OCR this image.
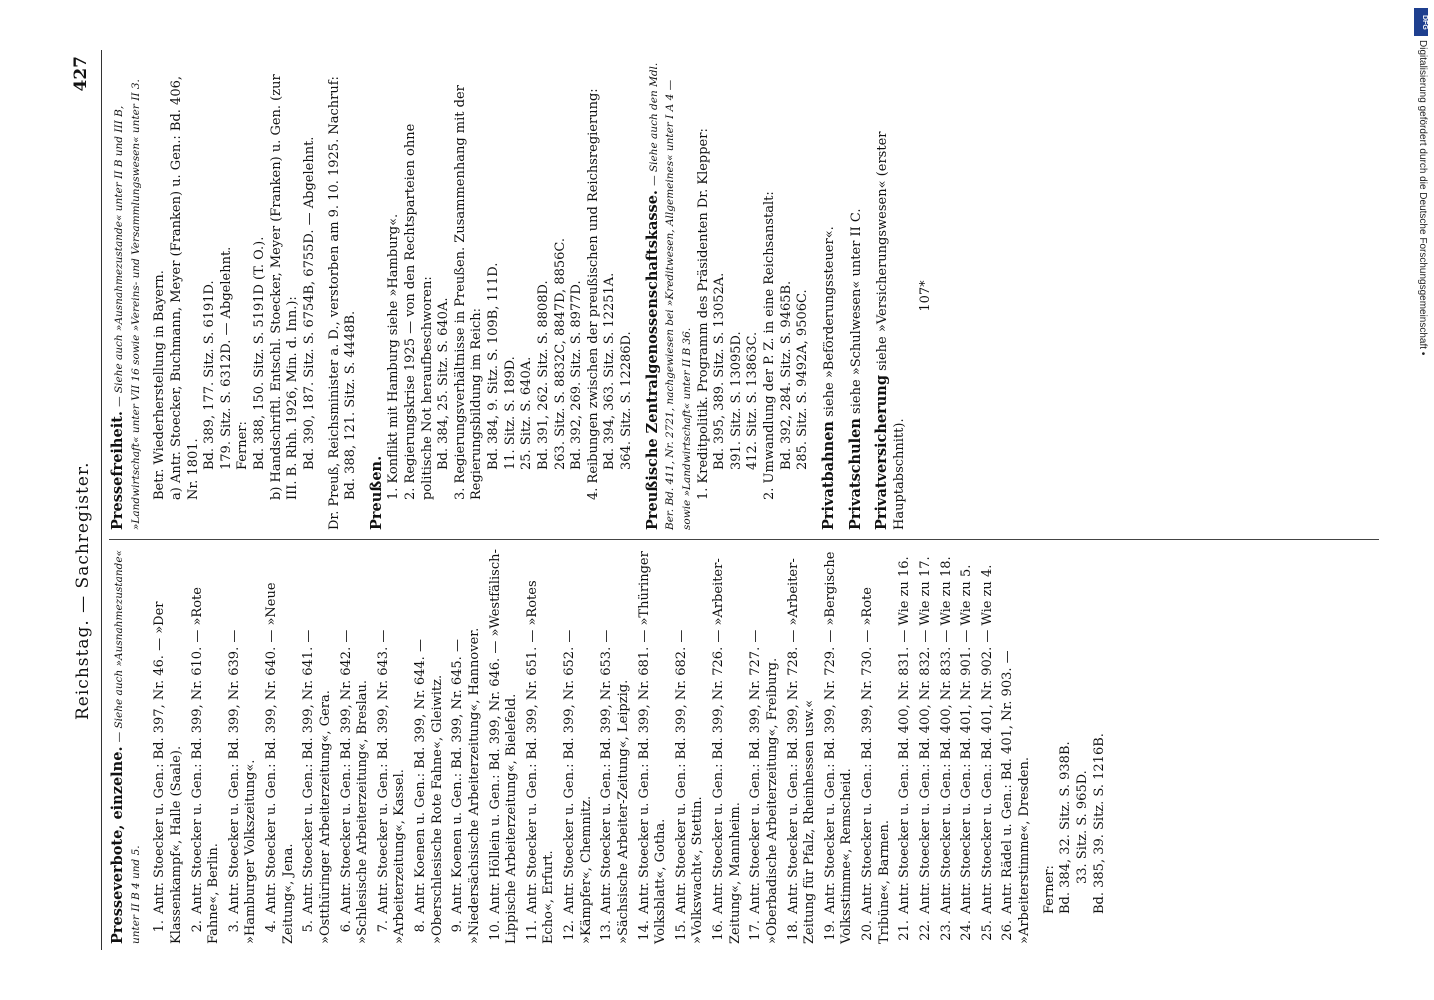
Reichstag. — Sachregister.
427
Presseverbote, einzelne. — Siehe auch »Ausnahmezustande« unter II B 4 und 5. 1.Antr. Stoecker u. Gen.: Bd. 397, Nr. 46. — »Der Klassenkampf«, Halle (Saale). 2.Antr. Stoecker u. Gen.: Bd. 399, Nr. 610. — »Rote Fahne«, Berlin. 3.Antr. Stoecker u. Gen.: Bd. 399, Nr. 639. — »Hamburger Volkszeitung«. 4.Antr. Stoecker u. Gen.: Bd. 399, Nr. 640. — »Neue Zeitung«, Jena. 5.Antr. Stoecker u. Gen.: Bd. 399, Nr. 641. — »Ostthüringer Arbeiterzeitung«, Gera. 6.Antr. Stoecker u. Gen.: Bd. 399, Nr. 642. — »Schlesische Arbeiterzeitung«, Breslau. 7.Antr. Stoecker u. Gen.: Bd. 399, Nr. 643. — »Arbeiterzeitung«, Kassel. 8.Antr. Koenen u. Gen.: Bd. 399, Nr. 644. — »Oberschlesische Rote Fahne«, Gleiwitz. 9.Antr. Koenen u. Gen.: Bd. 399, Nr. 645. — »Niedersächsische Arbeiterzeitung«, Hannover. 10.Antr. Höllein u. Gen.: Bd. 399, Nr. 646. — »Westfälisch-Lippische Arbeiterzeitung«, Bielefeld. 11.Antr. Stoecker u. Gen.: Bd. 399, Nr. 651. — »Rotes Echo«, Erfurt. 12.Antr. Stoecker u. Gen.: Bd. 399, Nr. 652. — »Kämpfer«, Chemnitz. 13.Antr. Stoecker u. Gen.: Bd. 399, Nr. 653. — »Sächsische Arbeiter-Zeitung«, Leipzig. 14.Antr. Stoecker u. Gen.: Bd. 399, Nr. 681. — »Thüringer Volksblatt«, Gotha. 15.Antr. Stoecker u. Gen.: Bd. 399, Nr. 682. — »Volkswacht«, Stettin. 16.Antr. Stoecker u. Gen.: Bd. 399, Nr. 726. — »Arbeiter-Zeitung«, Mannheim. 17.Antr. Stoecker u. Gen.: Bd. 399, Nr. 727. — »Oberbadische Arbeiterzeitung«, Freiburg. 18.Antr. Stoecker u. Gen.: Bd. 399, Nr. 728. — »Arbeiter-Zeitung für Pfalz, Rheinhessen usw.« 19.Antr. Stoecker u. Gen.: Bd. 399, Nr. 729. — »Bergische Volksstimme«, Remscheid. 20.Antr. Stoecker u. Gen.: Bd. 399, Nr. 730. — »Rote Tribüne«, Barmen. 21.Antr. Stoecker u. Gen.: Bd. 400, Nr. 831. — Wie zu 16.
22.Antr. Stoecker u. Gen.: Bd. 400, Nr. 832. — Wie zu 17.
23.Antr. Stoecker u. Gen.: Bd. 400, Nr. 833. — Wie zu 18.
24.Antr. Stoecker u. Gen.: Bd. 401, Nr. 901. — Wie zu 5.
25.Antr. Stoecker u. Gen.: Bd. 401, Nr. 902. — Wie zu 4.
26.Antr. Rädel u. Gen.: Bd. 401, Nr. 903. — »Arbeiterstimme«, Dresden. Ferner: Bd. 384, 32. Sitz. S. 938B. 33. Sitz. S. 965D. Bd. 385, 39. Sitz. S. 1216B.
Pressefreiheit. — Siehe auch »Ausnahmezustande« unter II B und III B, »Landwirtschaft« unter VII 16 sowie »Vereins- und Versammlungswesen« unter II 3. Betr. Wiederherstellung in Bayern. a) Antr. Stoecker, Buchmann, Meyer (Franken) u. Gen.: Bd. 406, Nr. 1801. Bd. 389, 177. Sitz. S. 6191D. 179. Sitz. S. 6312D. — Abgelehnt. Ferner: Bd. 388, 150. Sitz. S. 5191D (T. O.). b) Handschriftl. Entschl. Stoecker, Meyer (Franken) u. Gen. (zur III. B. Rhh. 1926, Min. d. Inn.): Bd. 390, 187. Sitz. S. 6754B, 6755D. — Abgelehnt. Dr. Preuß, Reichsminister a. D., verstorben am 9. 10. 1925. Nachruf: Bd. 388, 121. Sitz. S. 4448B. Preußen. 1. Konflikt mit Hamburg siehe »Hamburg«. 2. Regierungskrise 1925 — von den Rechtsparteien ohne politische Not heraufbeschworen: Bd. 384, 25. Sitz. S. 640A. 3. Regierungsverhältnisse in Preußen. Zusammenhang mit der Regierungsbildung im Reich: Bd. 384, 9. Sitz. S. 109B, 111D. 11. Sitz. S. 189D. 25. Sitz. S. 640A. Bd. 391, 262. Sitz. S. 8808D. 263. Sitz. S. 8832C, 8847D, 8856C. Bd. 392, 269. Sitz. S. 8977D. 4. Reibungen zwischen der preußischen und Reichsregierung: Bd. 394, 363. Sitz. S. 12251A. 364. Sitz. S. 12286D. Preußische Zentralgenossenschaftskasse. — Siehe auch den Mdl. Ber. Bd. 411, Nr. 2721, nachgewiesen bei »Kreditwesen, Allgemeines« unter I A 4 — sowie »Landwirtschaft« unter II B 36. 1. Kreditpolitik. Programm des Präsidenten Dr. Klepper: Bd. 395, 389. Sitz. S. 13052A. 391. Sitz. S. 13095D. 412. Sitz. S. 13863C. 2. Umwandlung der P. Z. in eine Reichsanstalt: Bd. 392, 284. Sitz. S. 9465B. 285. Sitz. S. 9492A, 9506C.
Privatbahnen siehe »Beförderungssteuer«.
Privatschulen siehe »Schulwesen« unter II C.
Privatversicherung siehe »Versicherungswesen« (erster Hauptabschnitt).
107*
DFG
Digitalisierung gefördert durch die Deutsche Forschungsgemeinschaft •
